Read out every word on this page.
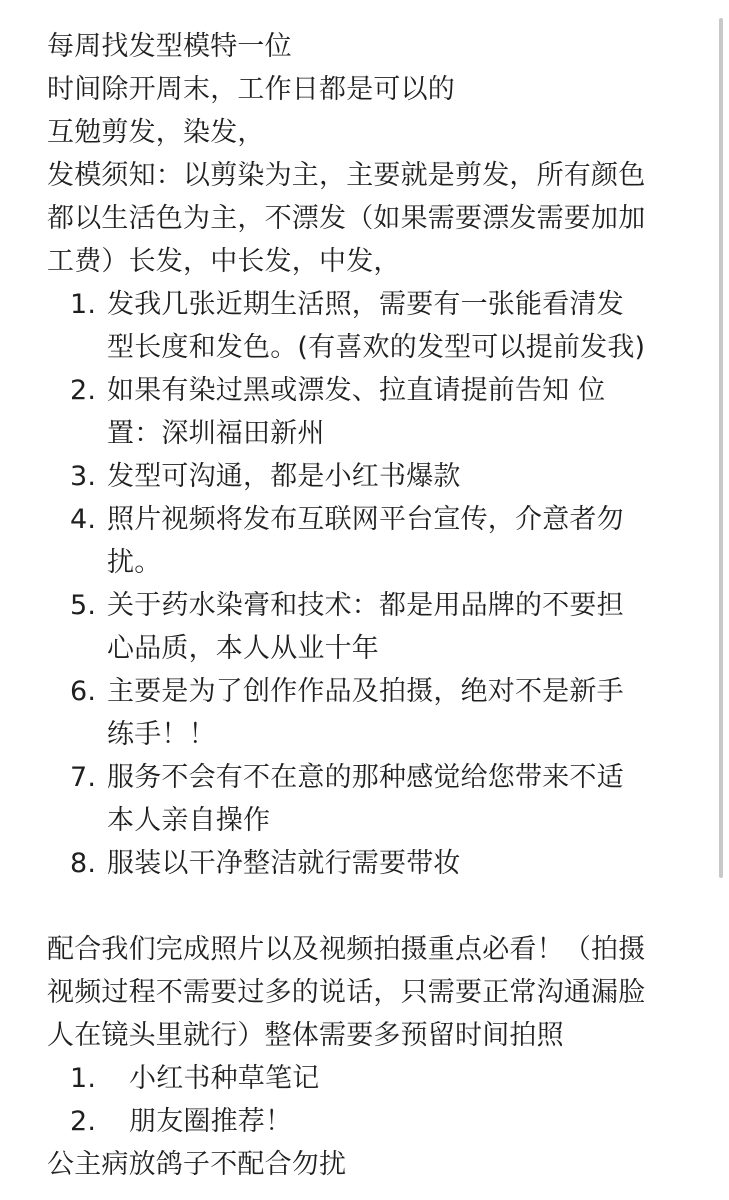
每周找发型模特一位

时间除开周末，工作日都是可以的

互勉剪发，染发，

发模须知：以剪染为主，主要就是剪发，所有颜色

都以生活色为主，不漂发（如果需要漂发需要加加

工费）长发，中长发，中发，

1. 发我几张近期生活照，需要有一张能看清发
型长度和发色。(有喜欢的发型可以提前发我)
2. 如果有染过黑或漂发、拉直请提前告知 位
置：深圳福田新州
3. 发型可沟通，都是小红书爆款
4. 照片视频将发布互联网平台宣传，介意者勿
扰。
5. 关于药水染膏和技术：都是用品牌的不要担
心品质，本人从业十年
6. 主要是为了创作作品及拍摄，绝对不是新手
练手！！
7. 服务不会有不在意的那种感觉给您带来不适
本人亲自操作
8. 服装以干净整洁就行需要带妆

配合我们完成照片以及视频拍摄重点必看！（拍摄

视频过程不需要过多的说话，只需要正常沟通漏脸

人在镜头里就行）整体需要多预留时间拍照

1. 小红书种草笔记
2. 朋友圈推荐！

公主病放鸽子不配合勿扰
